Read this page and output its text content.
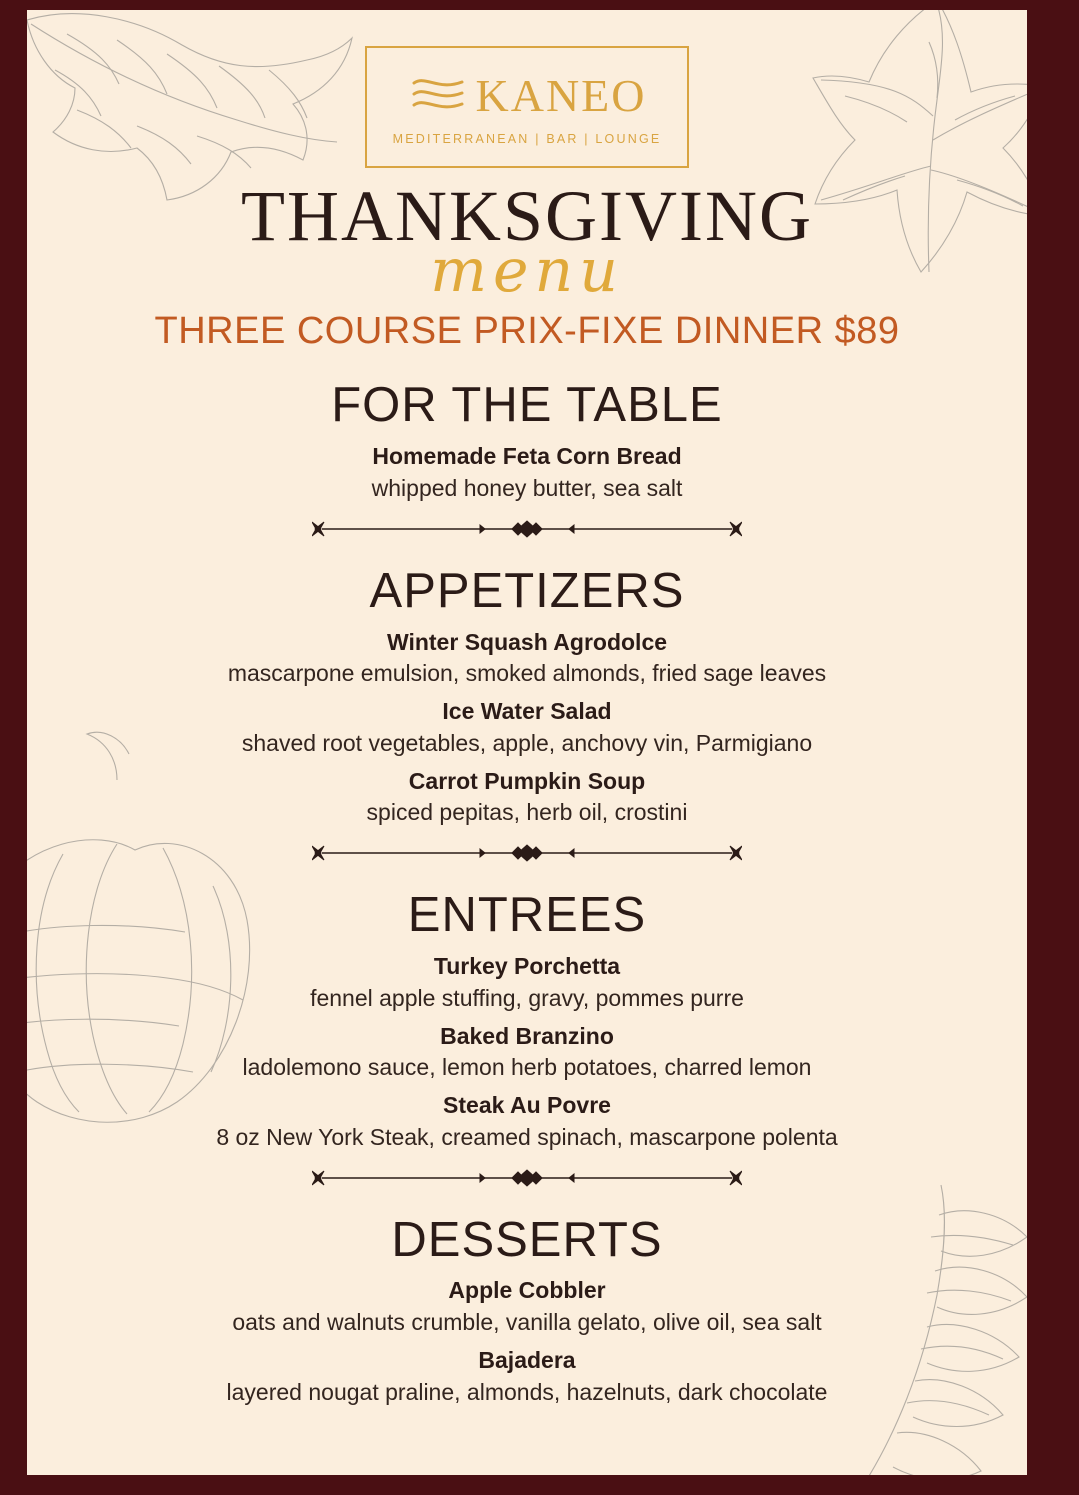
KANEO
MEDITERRANEAN | BAR | LOUNGE
THANKSGIVING
menu
THREE COURSE PRIX-FIXE DINNER $89
FOR THE TABLE
Homemade Feta Corn Bread
whipped honey butter, sea salt
APPETIZERS
Winter Squash Agrodolce
mascarpone emulsion, smoked almonds, fried sage leaves
Ice Water Salad
shaved root vegetables, apple, anchovy vin, Parmigiano
Carrot Pumpkin Soup
spiced pepitas, herb oil, crostini
ENTREES
Turkey Porchetta
fennel apple stuffing, gravy, pommes purre
Baked Branzino
ladolemono sauce, lemon herb potatoes, charred lemon
Steak Au Povre
8 oz New York Steak, creamed spinach, mascarpone polenta
DESSERTS
Apple Cobbler
oats and walnuts crumble, vanilla gelato, olive oil, sea salt
Bajadera
layered nougat praline, almonds, hazelnuts, dark chocolate
